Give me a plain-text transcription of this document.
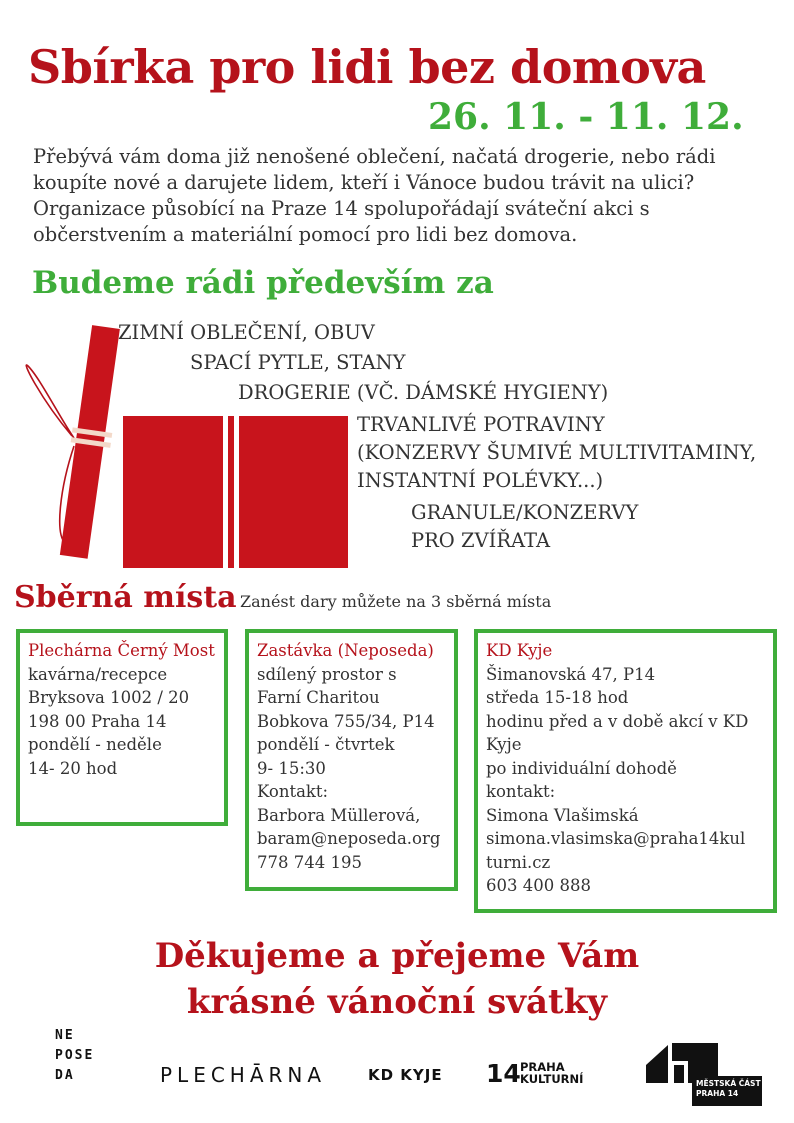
Sbírka pro lidi bez domova
26. 11. - 11. 12.
Přebývá vám doma již nenošené oblečení, načatá drogerie, nebo rádi
koupíte nové a darujete lidem, kteří i Vánoce budou trávit na ulici?
Organizace působící na Praze 14 spolupořádají sváteční akci s
občerstvením a materiální pomocí pro lidi bez domova.
Budeme rádi především za
ZIMNÍ OBLEČENÍ, OBUV
SPACÍ PYTLE, STANY
DROGERIE (VČ. DÁMSKÉ HYGIENY)
TRVANLIVÉ POTRAVINY
(KONZERVY ŠUMIVÉ MULTIVITAMINY,
INSTANTNÍ POLÉVKY...)
GRANULE/KONZERVY
PRO ZVÍŘATA
Sběrná místa Zanést dary můžete na 3 sběrná místa
Plechárna Černý Most
kavárna/recepce
Bryksova 1002 / 20
198 00 Praha 14
pondělí - neděle
14- 20 hod
Zastávka (Neposeda)
sdílený prostor s
Farní Charitou
Bobkova 755/34, P14
pondělí - čtvrtek
9- 15:30
Kontakt:
Barbora Müllerová,
baram@neposeda.org
778 744 195
KD Kyje
Šimanovská 47, P14
středa 15-18 hod
hodinu před a v době akcí v KD
Kyje
po individuální dohodě
kontakt:
Simona Vlašimská
simona.vlasimska@praha14kul
turni.cz
603 400 888
Děkujeme a přejeme Vám
krásné vánoční svátky
NE
POSE
DA	PLECHĀRNA	KD KYJE 14 PRAHA
KULTURNÍ	MĚSTSKÁ ČÁST
PRAHA 14
